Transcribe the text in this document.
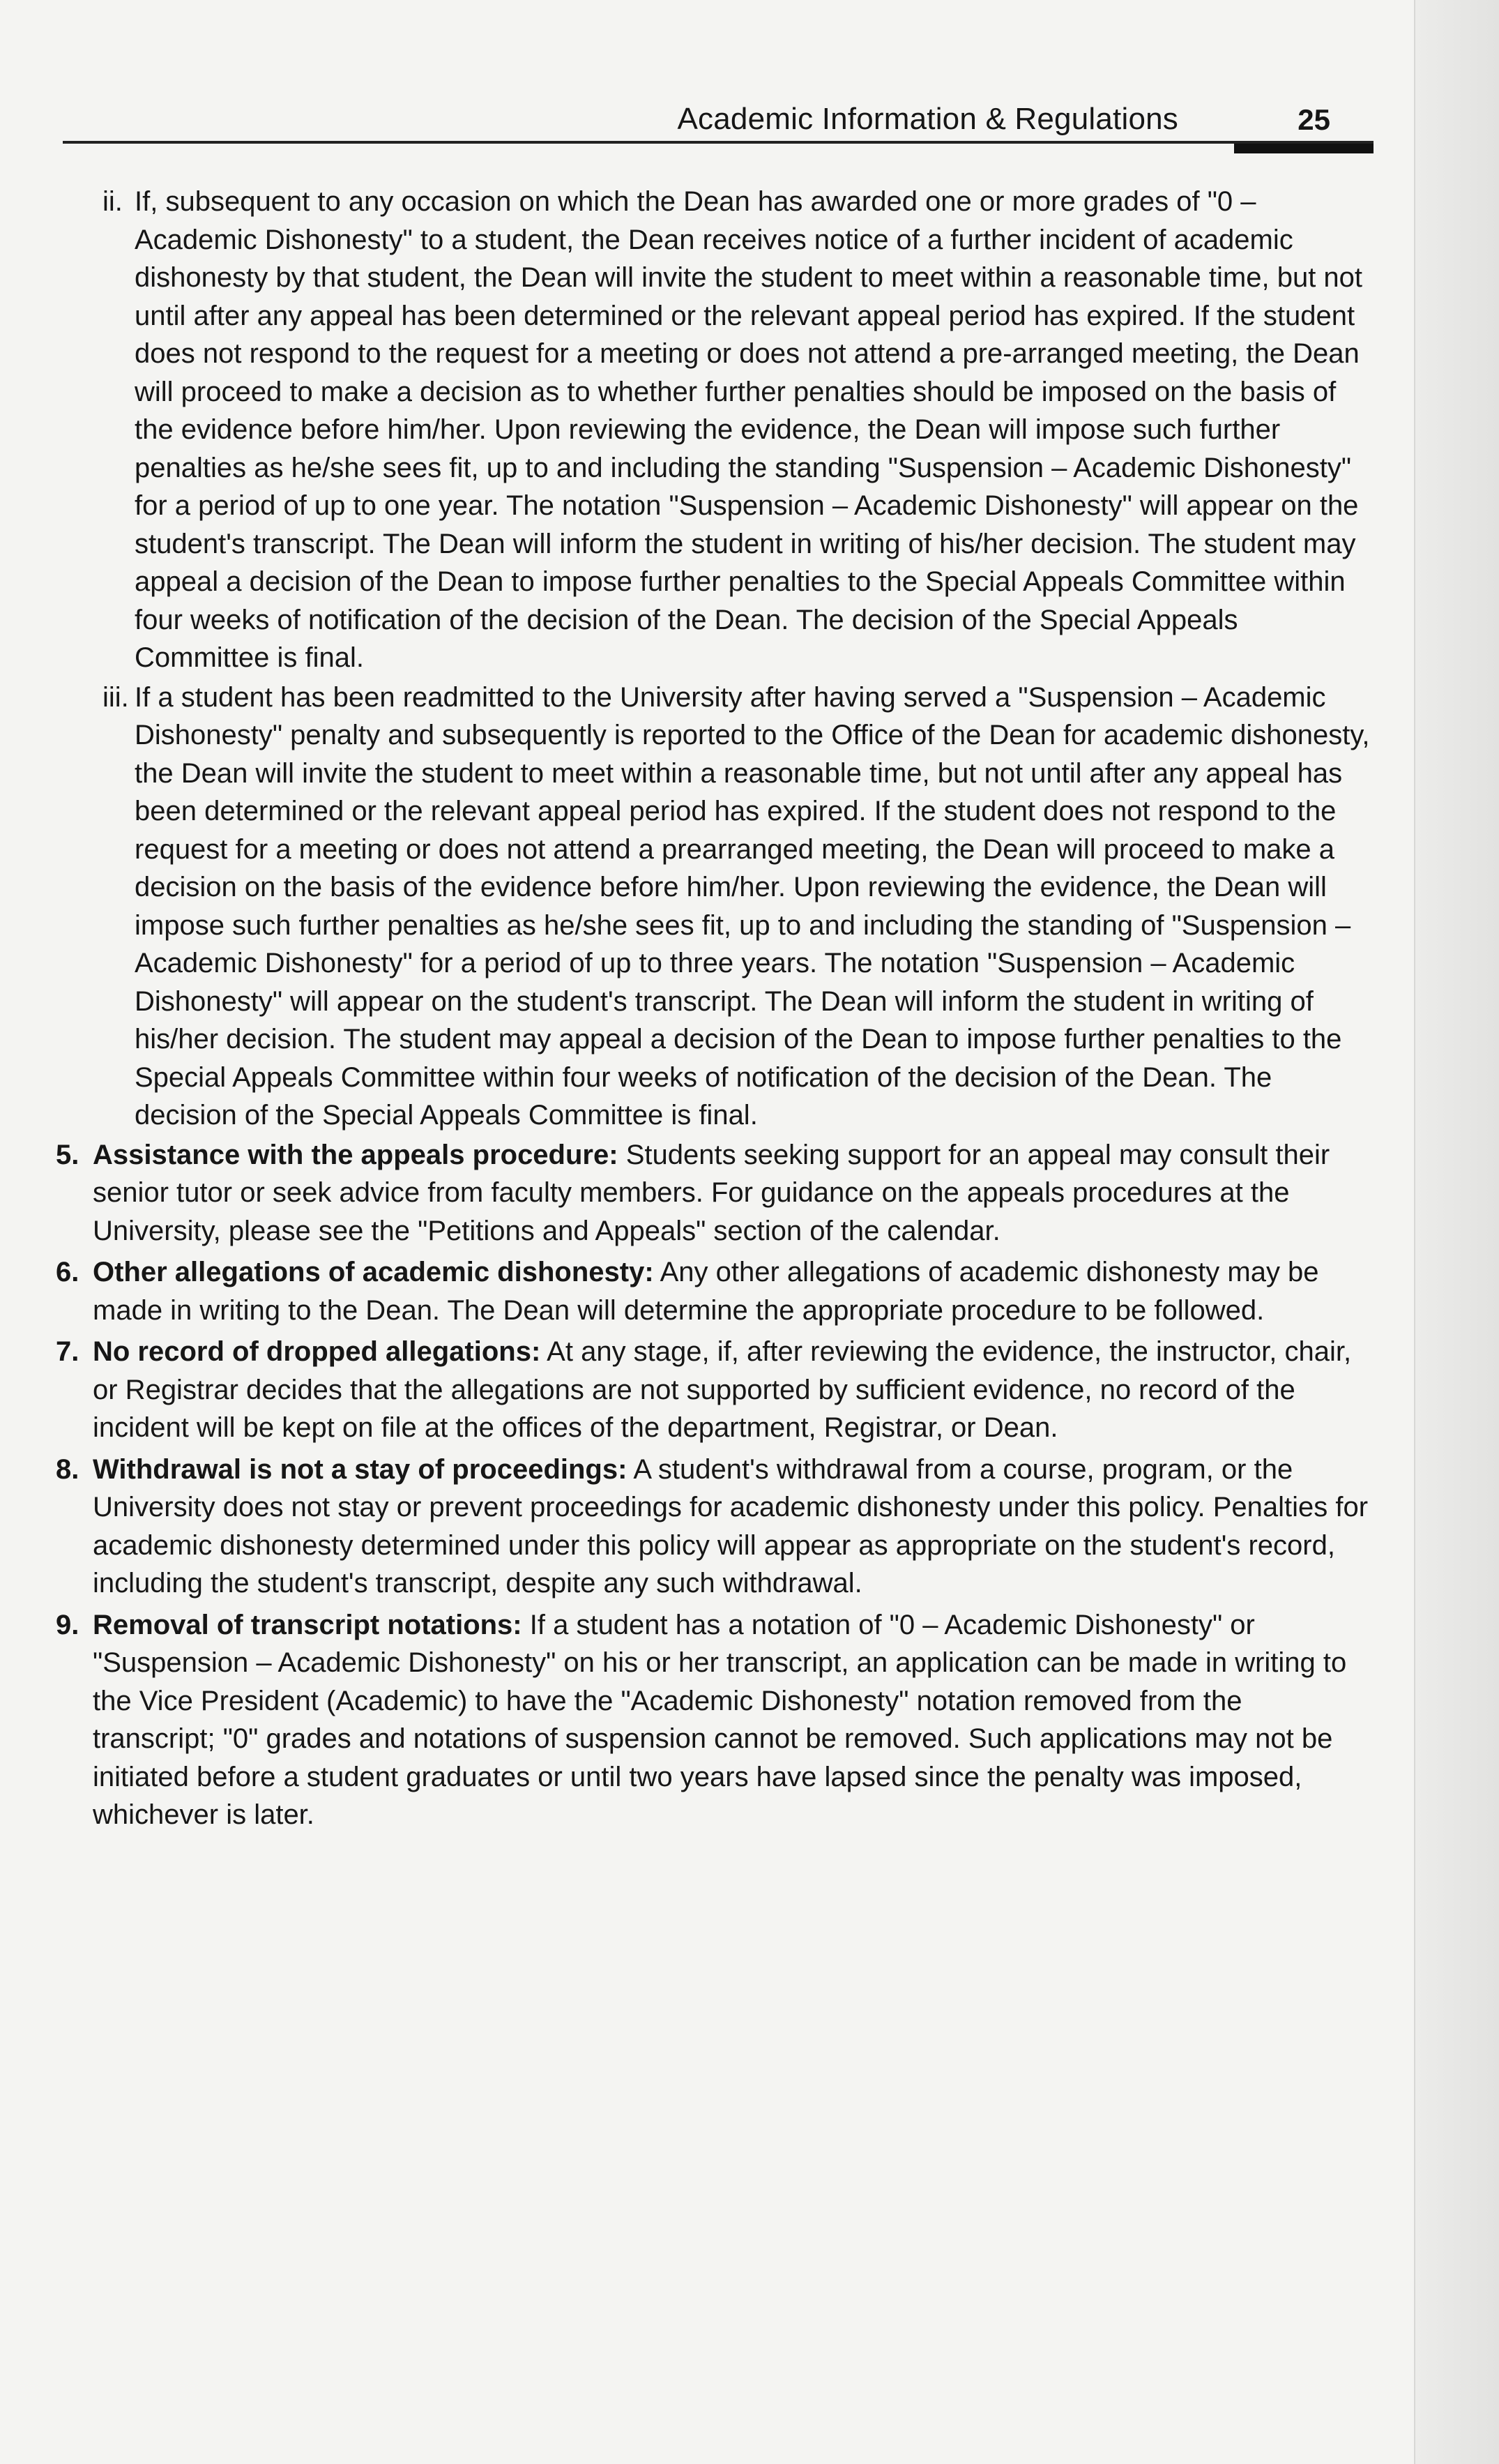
Academic Information & Regulations	25
ii. If, subsequent to any occasion on which the Dean has awarded one or more grades of "0 – Academic Dishonesty" to a student, the Dean receives notice of a further incident of academic dishonesty by that student, the Dean will invite the student to meet within a reasonable time, but not until after any appeal has been determined or the relevant appeal period has expired. If the student does not respond to the request for a meeting or does not attend a pre-arranged meeting, the Dean will proceed to make a decision as to whether further penalties should be imposed on the basis of the evidence before him/her. Upon reviewing the evidence, the Dean will impose such further penalties as he/she sees fit, up to and including the standing "Suspension – Academic Dishonesty" for a period of up to one year. The notation "Suspension – Academic Dishonesty" will appear on the student's transcript. The Dean will inform the student in writing of his/her decision. The student may appeal a decision of the Dean to impose further penalties to the Special Appeals Committee within four weeks of notification of the decision of the Dean. The decision of the Special Appeals Committee is final.

iii. If a student has been readmitted to the University after having served a "Suspension – Academic Dishonesty" penalty and subsequently is reported to the Office of the Dean for academic dishonesty, the Dean will invite the student to meet within a reasonable time, but not until after any appeal has been determined or the relevant appeal period has expired. If the student does not respond to the request for a meeting or does not attend a prearranged meeting, the Dean will proceed to make a decision on the basis of the evidence before him/her. Upon reviewing the evidence, the Dean will impose such further penalties as he/she sees fit, up to and including the standing of "Suspension – Academic Dishonesty" for a period of up to three years. The notation "Suspension – Academic Dishonesty" will appear on the student's transcript. The Dean will inform the student in writing of his/her decision. The student may appeal a decision of the Dean to impose further penalties to the Special Appeals Committee within four weeks of notification of the decision of the Dean. The decision of the Special Appeals Committee is final.

5. Assistance with the appeals procedure: Students seeking support for an appeal may consult their senior tutor or seek advice from faculty members. For guidance on the appeals procedures at the University, please see the "Petitions and Appeals" section of the calendar.

6. Other allegations of academic dishonesty: Any other allegations of academic dishonesty may be made in writing to the Dean. The Dean will determine the appropriate procedure to be followed.

7. No record of dropped allegations: At any stage, if, after reviewing the evidence, the instructor, chair, or Registrar decides that the allegations are not supported by sufficient evidence, no record of the incident will be kept on file at the offices of the department, Registrar, or Dean.

8. Withdrawal is not a stay of proceedings: A student's withdrawal from a course, program, or the University does not stay or prevent proceedings for academic dishonesty under this policy. Penalties for academic dishonesty determined under this policy will appear as appropriate on the student's record, including the student's transcript, despite any such withdrawal.

9. Removal of transcript notations: If a student has a notation of "0 – Academic Dishonesty" or "Suspension – Academic Dishonesty" on his or her transcript, an application can be made in writing to the Vice President (Academic) to have the "Academic Dishonesty" notation removed from the transcript; "0" grades and notations of suspension cannot be removed. Such applications may not be initiated before a student graduates or until two years have lapsed since the penalty was imposed, whichever is later.
